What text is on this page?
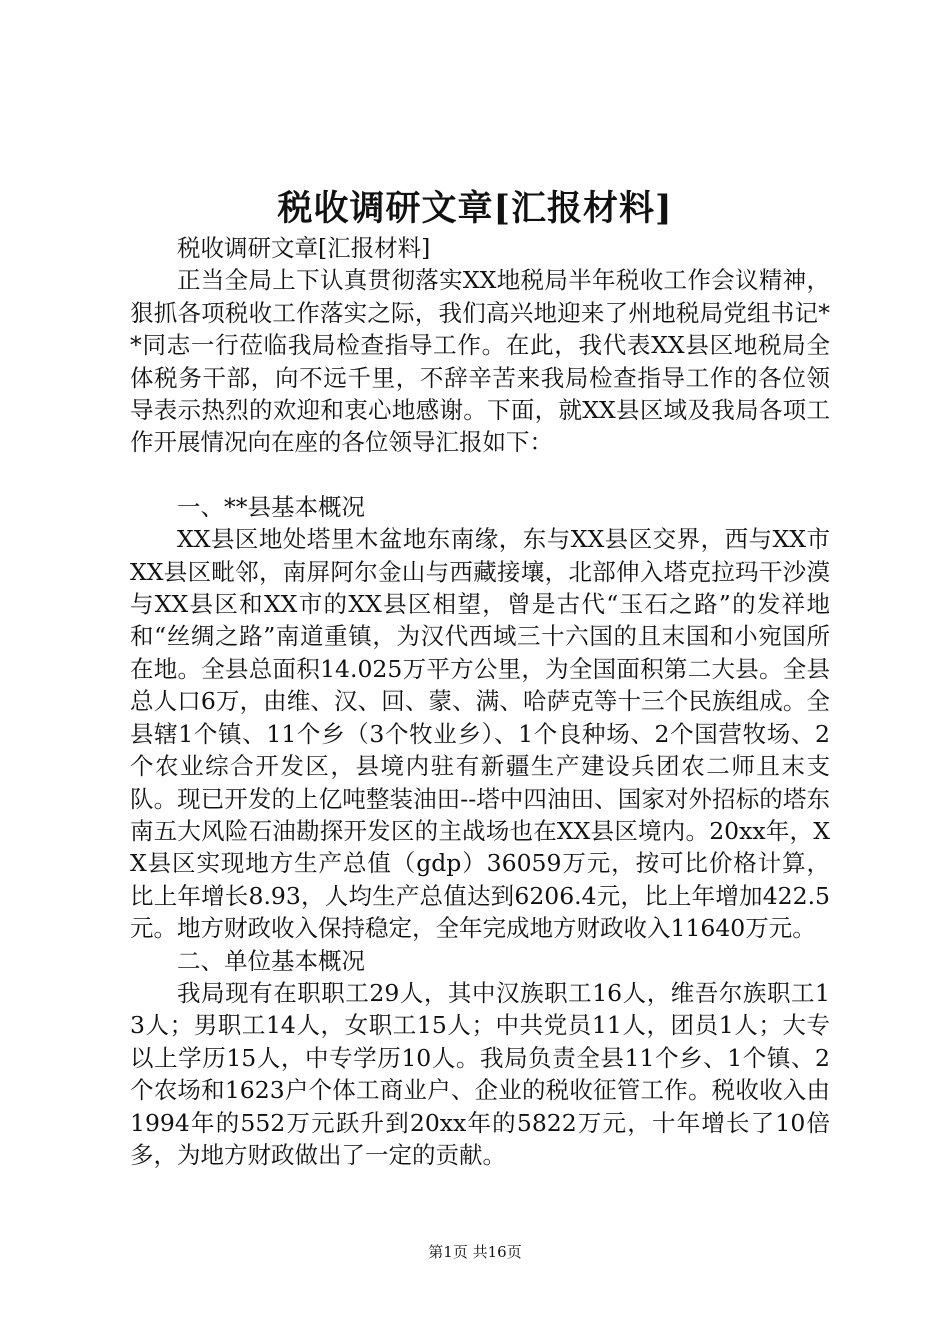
税收调研文章[汇报材料]

税收调研文章[汇报材料]

正当全局上下认真贯彻落实XX地税局半年税收工作会议精神，狠抓各项税收工作落实之际，我们高兴地迎来了州地税局党组书记**同志一行莅临我局检查指导工作。在此，我代表XX县区地税局全体税务干部，向不远千里，不辞辛苦来我局检查指导工作的各位领导表示热烈的欢迎和衷心地感谢。下面，就XX县区域及我局各项工作开展情况向在座的各位领导汇报如下：

一、**县基本概况

XX县区地处塔里木盆地东南缘，东与XX县区交界，西与XX市XX县区毗邻，南屏阿尔金山与西藏接壤，北部伸入塔克拉玛干沙漠与XX县区和XX市的XX县区相望，曾是古代“玉石之路”的发祥地和“丝绸之路”南道重镇，为汉代西域三十六国的且末国和小宛国所在地。全县总面积14.025万平方公里，为全国面积第二大县。全县总人口6万，由维、汉、回、蒙、满、哈萨克等十三个民族组成。全县辖1个镇、11个乡（3个牧业乡）、1个良种场、2个国营牧场、2个农业综合开发区，县境内驻有新疆生产建设兵团农二师且末支队。现已开发的上亿吨整装油田--塔中四油田、国家对外招标的塔东南五大风险石油勘探开发区的主战场也在XX县区境内。20xx年，XX县区实现地方生产总值（gdp）36059万元，按可比价格计算，比上年增长8.93，人均生产总值达到6206.4元，比上年增加422.5元。地方财政收入保持稳定，全年完成地方财政收入11640万元。

二、单位基本概况

我局现有在职职工29人，其中汉族职工16人，维吾尔族职工13人；男职工14人，女职工15人；中共党员11人，团员1人；大专以上学历15人，中专学历10人。我局负责全县11个乡、1个镇、2个农场和1623户个体工商业户、企业的税收征管工作。税收收入由1994年的552万元跃升到20xx年的5822万元，十年增长了10倍多，为地方财政做出了一定的贡献。

第1页 共16页
